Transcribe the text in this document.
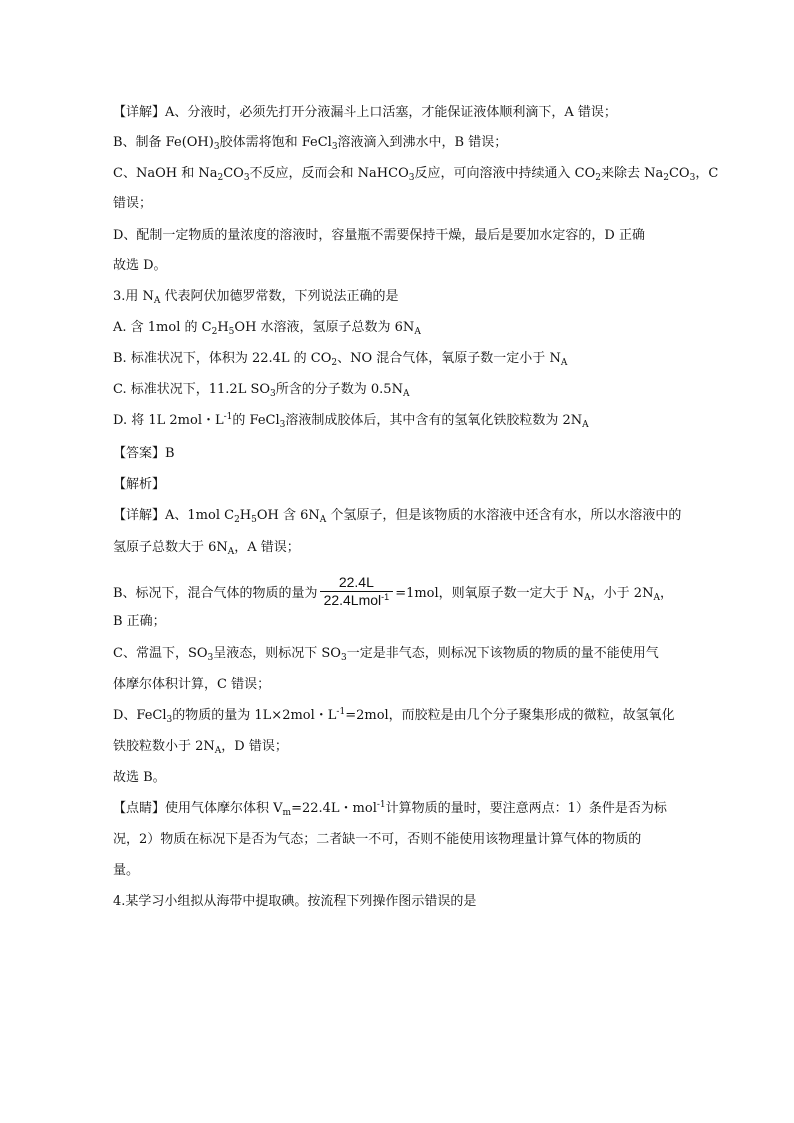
【详解】A、分液时，必须先打开分液漏斗上口活塞，才能保证液体顺利滴下，A 错误；
B、制备 $Fe(OH)_3$胶体需将饱和 FeCl$_3$溶液滴入到沸水中，B 错误；
C、NaOH 和 $Na_2CO_3$不反应，反而会和 NaHCO$_3$反应，可向溶液中持续通入 $CO_2$来除去 $Na_2CO_3$，C
错误；
D、配制一定物质的量浓度的溶液时，容量瓶不需要保持干燥，最后是要加水定容的，D 正确
故选 D。
3.用 $N_A$ 代表阿伏加德罗常数，下列说法正确的是
A. 含 1mol 的 $C_2H_5OH$ 水溶液，氢原子总数为 $6N_A$
B. 标准状况下，体积为 22.4L 的 $CO_2$、NO 混合气体，氧原子数一定小于 $N_A$
C. 标准状况下，11.2L $SO_3$所含的分子数为 $0.5N_A$
D. 将 1L 2mol・$L^{-1}$的 FeCl$_3$溶液制成胶体后，其中含有的氢氧化铁胶粒数为 $2N_A$
【答案】B
【解析】
【详解】A、1mol $C_2H_5OH$ 含 $6N_A$ 个氢原子，但是该物质的水溶液中还含有水，所以水溶液中的
氢原子总数大于 $6N_A$，A 错误；
B、标况下，混合气体的物质的量为 $\frac{22.4L}{22.4Lmol^{-1}} =1mol$，则氧原子数一定大于 $N_A$，小于 $2N_A$，
B 正确；
C、常温下，$SO_3$呈液态，则标况下 $SO_3$一定是非气态，则标况下该物质的物质的量不能使用气
体摩尔体积计算，C 错误；
D、FeCl$_3$的物质的量为 1L×2mol・$L^{-1}=2mol$，而胶粒是由几个分子聚集形成的微粒，故氢氧化
铁胶粒数小于 $2N_A$，D 错误；
故选 B。
【点睛】使用气体摩尔体积 $V_m=22.4L$・mol$^{-1}$计算物质的量时，要注意两点：1）条件是否为标
况，2）物质在标况下是否为气态；二者缺一不可，否则不能使用该物理量计算气体的物质的
量。
4.某学习小组拟从海带中提取碘。按流程下列操作图示错误的是
